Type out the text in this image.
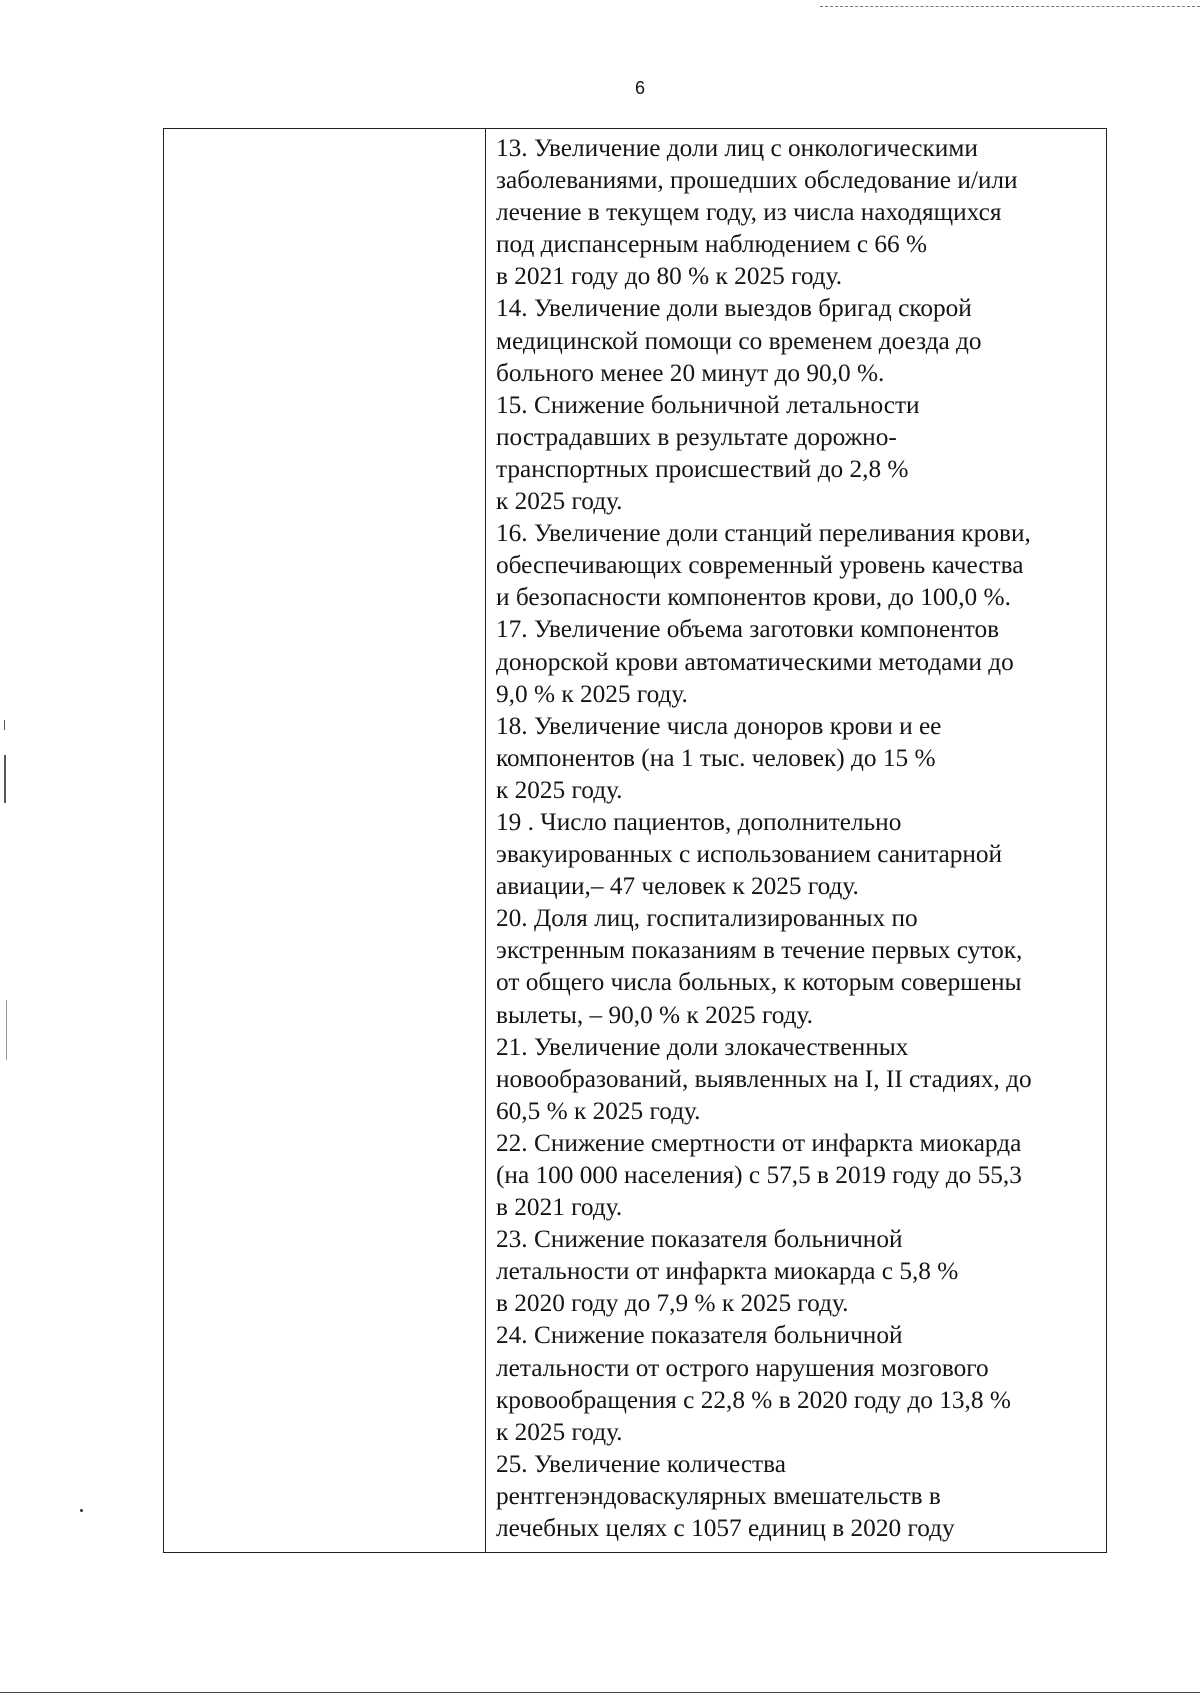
6
13. Увеличение доли лиц с онкологическими
заболеваниями, прошедших обследование и/или
лечение в текущем году, из числа находящихся
под диспансерным наблюдением с 66 %
в 2021 году до 80 % к 2025 году.
14. Увеличение доли выездов бригад скорой
медицинской помощи со временем доезда до
больного менее 20 минут до 90,0 %.
15. Снижение больничной летальности
пострадавших в результате дорожно-
транспортных происшествий до 2,8 %
к 2025 году.
16. Увеличение доли станций переливания крови,
обеспечивающих современный уровень качества
и безопасности компонентов крови, до 100,0 %.
17. Увеличение объема заготовки компонентов
донорской крови автоматическими методами до
9,0 % к 2025 году.
18. Увеличение числа доноров крови и ее
компонентов (на 1 тыс. человек) до 15 %
к 2025 году.
19 . Число пациентов, дополнительно
эвакуированных с использованием санитарной
авиации,– 47 человек к 2025 году.
20. Доля лиц, госпитализированных по
экстренным показаниям в течение первых суток,
от общего числа больных, к которым совершены
вылеты, – 90,0 % к 2025 году.
21. Увеличение доли злокачественных
новообразований, выявленных на I, II стадиях, до
60,5 % к 2025 году.
22. Снижение смертности от инфаркта миокарда
(на 100 000 населения) с 57,5 в 2019 году до 55,3
в 2021 году.
23. Снижение показателя больничной
летальности от инфаркта миокарда с 5,8 %
в 2020 году до 7,9 % к 2025 году.
24. Снижение показателя больничной
летальности от острого нарушения мозгового
кровообращения с 22,8 % в 2020 году до 13,8 %
к 2025 году.
25. Увеличение количества
рентгенэндоваскулярных вмешательств в
лечебных целях с 1057 единиц в 2020 году
